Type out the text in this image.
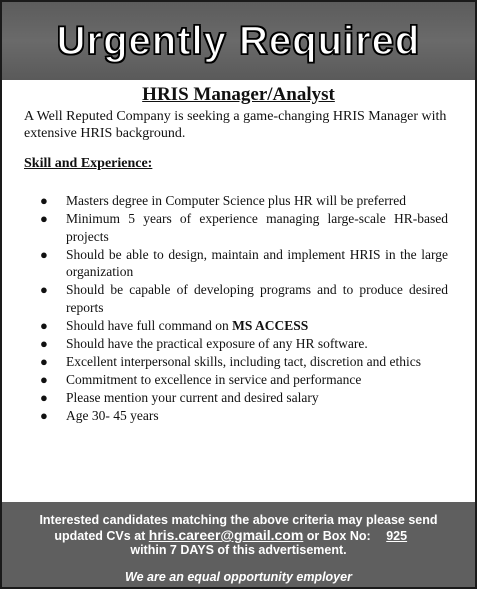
Urgently Required
HRIS Manager/Analyst
A Well Reputed Company is seeking a game-changing HRIS Manager with extensive HRIS background.
Skill and Experience:
● Masters degree in Computer Science plus HR will be preferred
● Minimum 5 years of experience managing large-scale HR-based projects
● Should be able to design, maintain and implement HRIS in the large organization
● Should be capable of developing programs and to produce desired reports
● Should have full command on MS ACCESS
● Should have the practical exposure of any HR software.
● Excellent interpersonal skills, including tact, discretion and ethics
● Commitment to excellence in service and performance
● Please mention your current and desired salary
● Age 30- 45 years
Interested candidates matching the above criteria may please send
updated CVs at hris.career@gmail.com or Box No: 925
within 7 DAYS of this advertisement.
We are an equal opportunity employer
